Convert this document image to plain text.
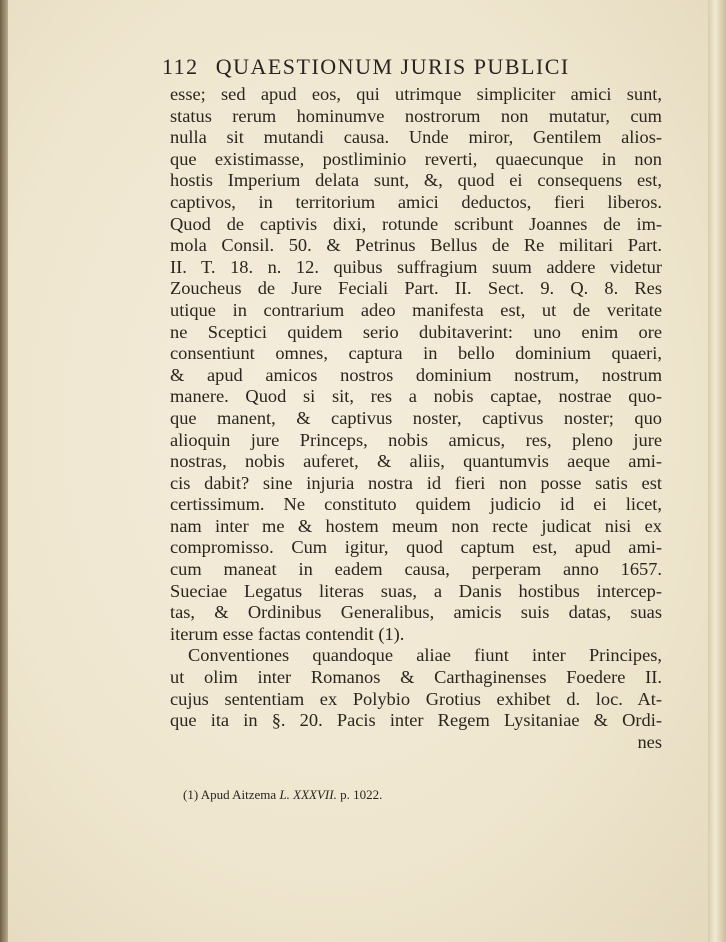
112 QUAESTIONUM JURIS PUBLICI
esse; sed apud eos, qui utrimque simpliciter amici sunt,
status rerum hominumve nostrorum non mutatur, cum
nulla sit mutandi causa. Unde miror, Gentilem alios-
que existimasse, postliminio reverti, quaecunque in non
hostis Imperium delata sunt, &, quod ei consequens est,
captivos, in territorium amici deductos, fieri liberos.
Quod de captivis dixi, rotunde scribunt Joannes de im-
mola Consil. 50. & Petrinus Bellus de Re militari Part.
II. T. 18. n. 12. quibus suffragium suum addere videtur
Zoucheus de Jure Feciali Part. II. Sect. 9. Q. 8. Res
utique in contrarium adeo manifesta est, ut de veritate
ne Sceptici quidem serio dubitaverint: uno enim ore
consentiunt omnes, captura in bello dominium quaeri,
& apud amicos nostros dominium nostrum, nostrum
manere. Quod si sit, res a nobis captae, nostrae quo-
que manent, & captivus noster, captivus noster; quo
alioquin jure Princeps, nobis amicus, res, pleno jure
nostras, nobis auferet, & aliis, quantumvis aeque ami-
cis dabit? sine injuria nostra id fieri non posse satis est
certissimum. Ne constituto quidem judicio id ei licet,
nam inter me & hostem meum non recte judicat nisi ex
compromisso. Cum igitur, quod captum est, apud ami-
cum maneat in eadem causa, perperam anno 1657.
Sueciae Legatus literas suas, a Danis hostibus intercep-
tas, & Ordinibus Generalibus, amicis suis datas, suas
iterum esse factas contendit (1).
Conventiones quandoque aliae fiunt inter Principes,
ut olim inter Romanos & Carthaginenses Foedere II.
cujus sententiam ex Polybio Grotius exhibet d. loc. At-
que ita in §. 20. Pacis inter Regem Lysitaniae & Ordi-
nes
(1) Apud Aitzema L. XXXVII. p. 1022.
